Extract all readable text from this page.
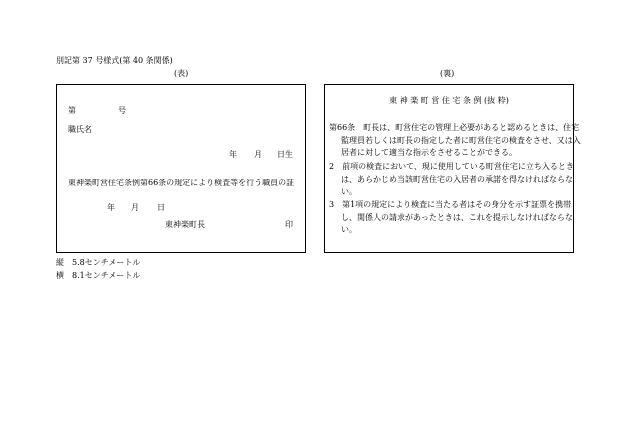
別記第 37 号様式(第 40 条関係)
(表)	(裏)
第	号
職氏名
年 月 日生
東神楽町営住宅条例第66条の規定により検査等を行う職員の証
年 月 日
東神楽町長	印
東 神 楽 町 営 住 宅 条 例 (抜 粋)
第66条　町長は、町営住宅の管理上必要があると認めるときは、住宅監理員若しくは町長の指定した者に町営住宅の検査をさせ、又は入居者に対して適当な指示をさせることができる。
2　前項の検査において、現に使用している町営住宅に立ち入るときは、あらかじめ当該町営住宅の入居者の承諾を得なければならない。
3　第1項の規定により検査に当たる者はその身分を示す証票を携帯し、関係人の請求があったときは、これを提示しなければならない。
縦　5.8センチメートル
横　8.1センチメートル
